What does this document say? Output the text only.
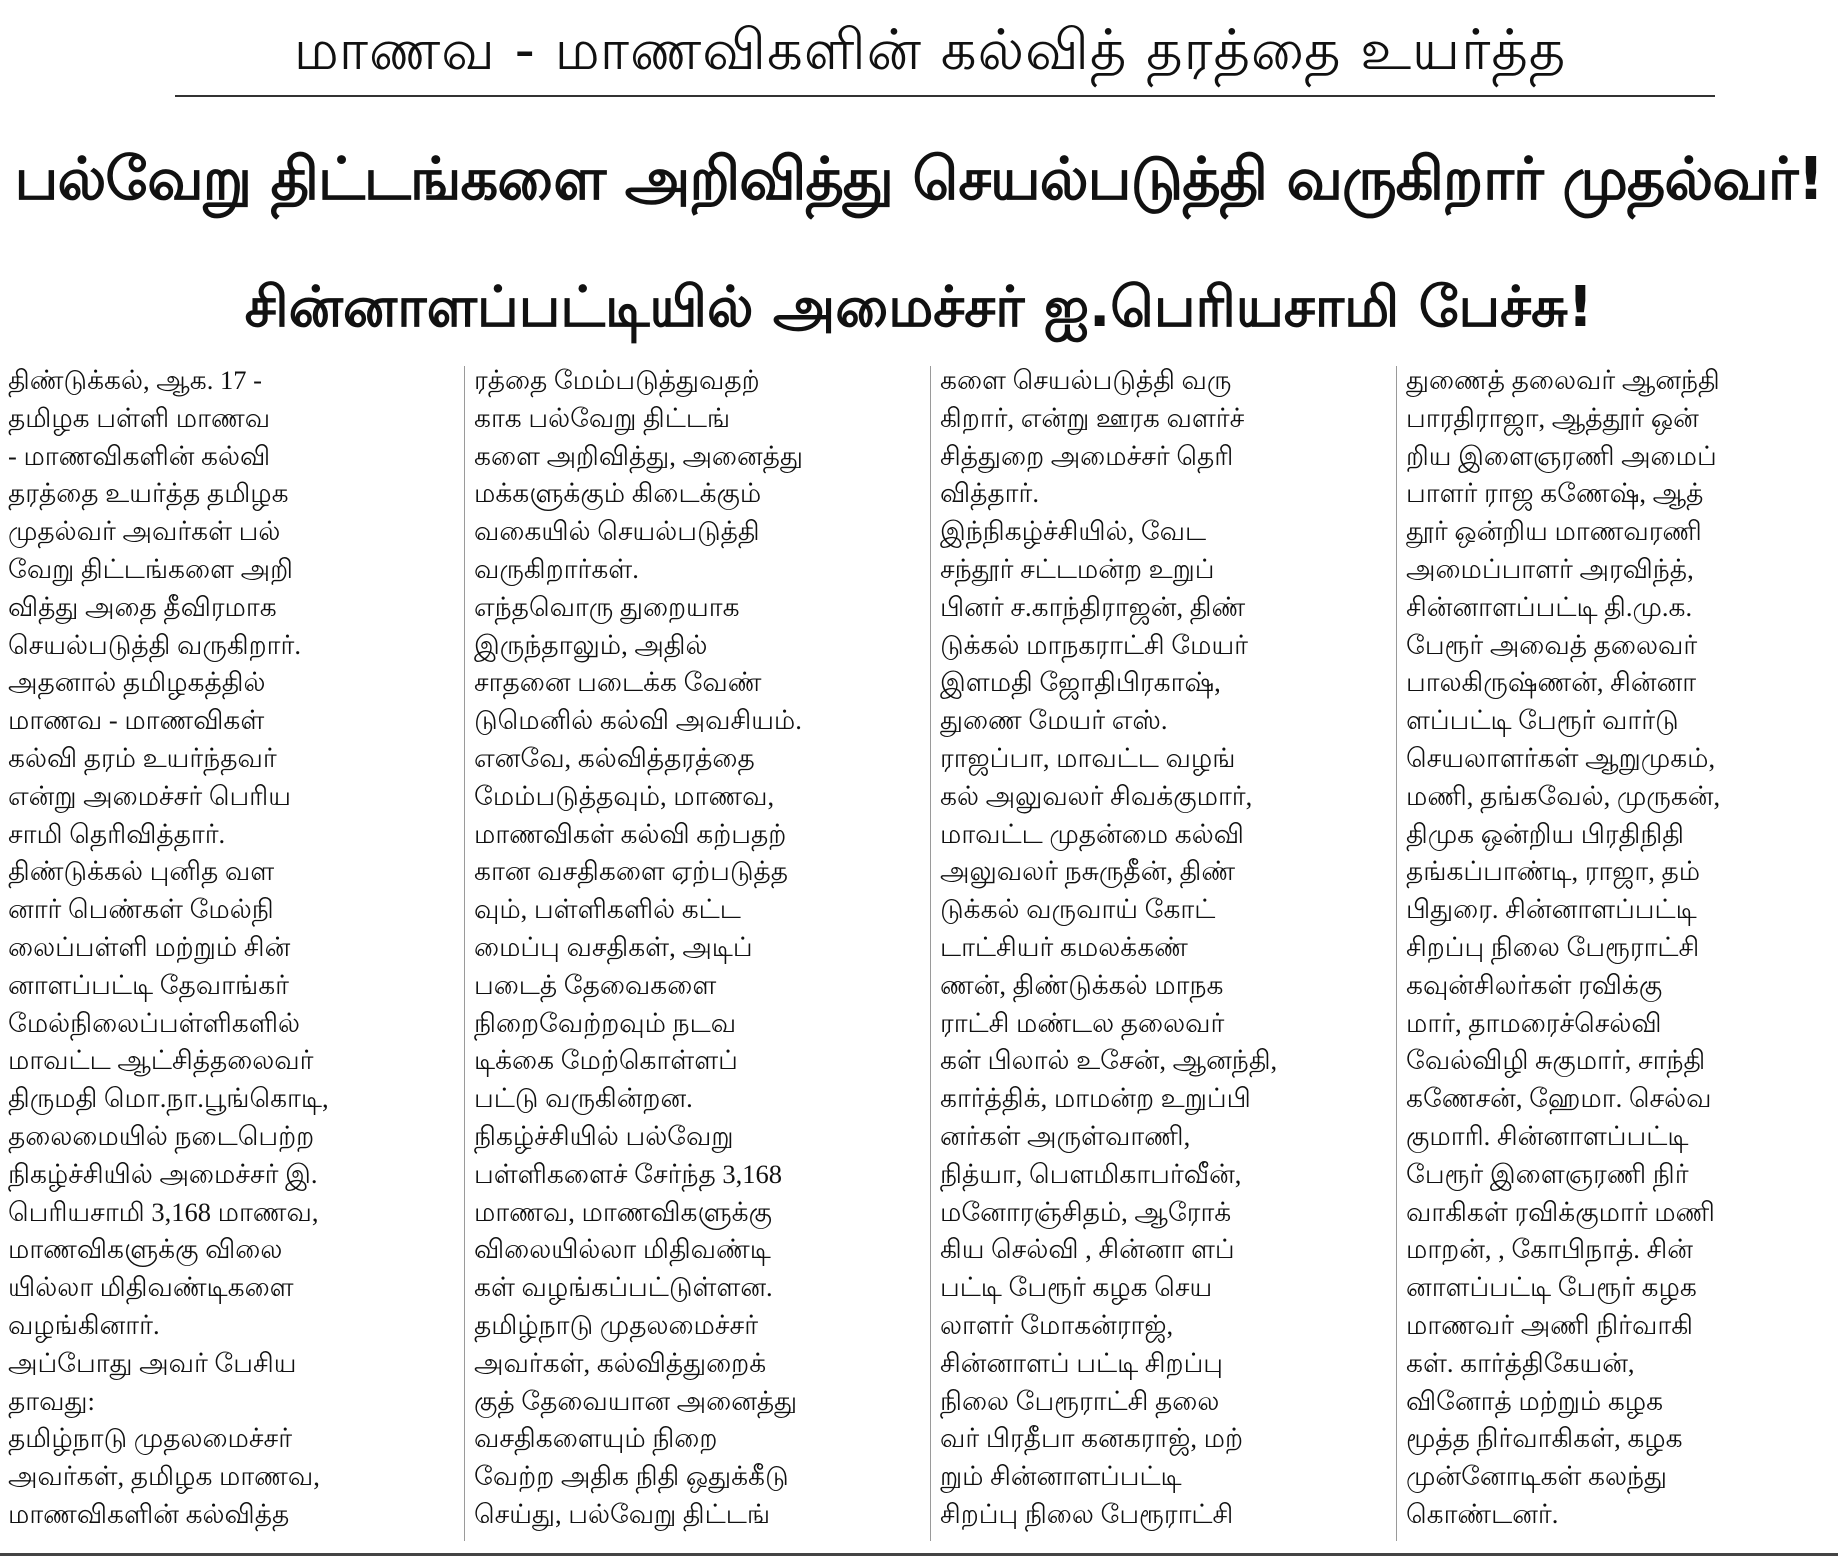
மாணவ - மாணவிகளின் கல்வித் தரத்தை உயர்த்த
பல்வேறு திட்டங்களை அறிவித்து செயல்படுத்தி வருகிறார் முதல்வர்!
சின்னாளப்பட்டியில் அமைச்சர் ஐ.பெரியசாமி பேச்சு!

திண்டுக்கல், ஆக. 17 -
தமிழக பள்ளி மாணவ
- மாணவிகளின் கல்வி
தரத்தை உயர்த்த தமிழக
முதல்வர் அவர்கள் பல்
வேறு திட்டங்களை அறி
வித்து அதை தீவிரமாக
செயல்படுத்தி வருகிறார்.
அதனால் தமிழகத்தில்
மாணவ - மாணவிகள்
கல்வி தரம் உயர்ந்தவர்
என்று அமைச்சர் பெரிய
சாமி தெரிவித்தார்.
திண்டுக்கல் புனித வள
னார் பெண்கள் மேல்நி
லைப்பள்ளி மற்றும் சின்
னாளப்பட்டி தேவாங்கர்
மேல்நிலைப்பள்ளிகளில்
மாவட்ட ஆட்சித்தலைவர்
திருமதி மொ.நா.பூங்கொடி,
தலைமையில் நடைபெற்ற
நிகழ்ச்சியில் அமைச்சர் இ.
பெரியசாமி 3,168 மாணவ,
மாணவிகளுக்கு விலை
யில்லா மிதிவண்டிகளை
வழங்கினார்.
அப்போது அவர் பேசிய
தாவது:
தமிழ்நாடு முதலமைச்சர்
அவர்கள், தமிழக மாணவ,
மாணவிகளின் கல்வித்த

ரத்தை மேம்படுத்துவதற்
காக பல்வேறு திட்டங்
களை அறிவித்து, அனைத்து
மக்களுக்கும் கிடைக்கும்
வகையில் செயல்படுத்தி
வருகிறார்கள்.
எந்தவொரு துறையாக
இருந்தாலும், அதில்
சாதனை படைக்க வேண்
டுமெனில் கல்வி அவசியம்.
எனவே, கல்வித்தரத்தை
மேம்படுத்தவும், மாணவ,
மாணவிகள் கல்வி கற்பதற்
கான வசதிகளை ஏற்படுத்த
வும், பள்ளிகளில் கட்ட
மைப்பு வசதிகள், அடிப்
படைத் தேவைகளை
நிறைவேற்றவும் நடவ
டிக்கை மேற்கொள்ளப்
பட்டு வருகின்றன.
நிகழ்ச்சியில் பல்வேறு
பள்ளிகளைச் சேர்ந்த 3,168
மாணவ, மாணவிகளுக்கு
விலையில்லா மிதிவண்டி
கள் வழங்கப்பட்டுள்ளன.
தமிழ்நாடு முதலமைச்சர்
அவர்கள், கல்வித்துறைக்
குத் தேவையான அனைத்து
வசதிகளையும் நிறை
வேற்ற அதிக நிதி ஒதுக்கீடு
செய்து, பல்வேறு திட்டங்

களை செயல்படுத்தி வரு
கிறார், என்று ஊரக வளர்ச்
சித்துறை அமைச்சர் தெரி
வித்தார்.
இந்நிகழ்ச்சியில், வேட
சந்தூர் சட்டமன்ற உறுப்
பினர் ச.காந்திராஜன், திண்
டுக்கல் மாநகராட்சி மேயர்
இளமதி ஜோதிபிரகாஷ்,
துணை மேயர் எஸ்.
ராஜப்பா, மாவட்ட வழங்
கல் அலுவலர் சிவக்குமார்,
மாவட்ட முதன்மை கல்வி
அலுவலர் நசுருதீன், திண்
டுக்கல் வருவாய் கோட்
டாட்சியர் கமலக்கண்
ணன், திண்டுக்கல் மாநக
ராட்சி மண்டல தலைவர்
கள் பிலால் உசேன், ஆனந்தி,
கார்த்திக், மாமன்ற உறுப்பி
னர்கள் அருள்வாணி,
நித்யா, பௌமிகாபர்வீன்,
மனோரஞ்சிதம், ஆரோக்
கிய செல்வி , சின்னா ளப்
பட்டி பேரூர் கழக செய
லாளர் மோகன்ராஜ்,
சின்னாளப் பட்டி சிறப்பு
நிலை பேரூராட்சி தலை
வர் பிரதீபா கனகராஜ், மற்
றும் சின்னாளப்பட்டி
சிறப்பு நிலை பேரூராட்சி

துணைத் தலைவர் ஆனந்தி
பாரதிராஜா, ஆத்தூர் ஒன்
றிய இளைஞரணி அமைப்
பாளர் ராஜ கணேஷ், ஆத்
தூர் ஒன்றிய மாணவரணி
அமைப்பாளர் அரவிந்த்,
சின்னாளப்பட்டி தி.மு.க.
பேரூர் அவைத் தலைவர்
பாலகிருஷ்ணன், சின்னா
ளப்பட்டி பேரூர் வார்டு
செயலாளர்கள் ஆறுமுகம்,
மணி, தங்கவேல், முருகன்,
திமுக ஒன்றிய பிரதிநிதி
தங்கப்பாண்டி, ராஜா, தம்
பிதுரை. சின்னாளப்பட்டி
சிறப்பு நிலை பேரூராட்சி
கவுன்சிலர்கள் ரவிக்கு
மார், தாமரைச்செல்வி
வேல்விழி சுகுமார், சாந்தி
கணேசன், ஹேமா. செல்வ
குமாரி. சின்னாளப்பட்டி
பேரூர் இளைஞரணி நிர்
வாகிகள் ரவிக்குமார் மணி
மாறன், , கோபிநாத். சின்
னாளப்பட்டி பேரூர் கழக
மாணவர் அணி நிர்வாகி
கள். கார்த்திகேயன்,
வினோத் மற்றும் கழக
மூத்த நிர்வாகிகள், கழக
முன்னோடிகள் கலந்து
கொண்டனர்.
